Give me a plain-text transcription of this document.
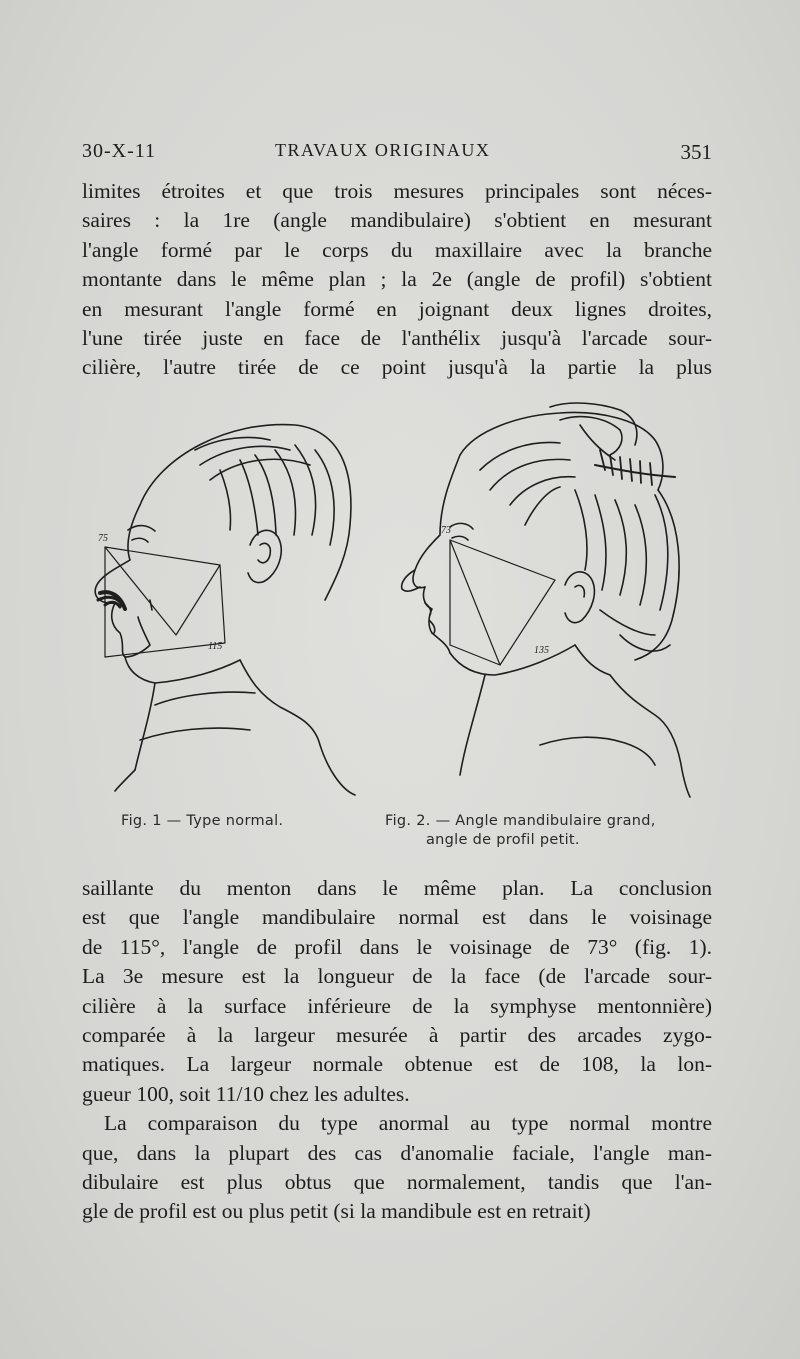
30-X-11	TRAVAUX ORIGINAUX	351

limites étroites et que trois mesures principales sont néces-

saires : la 1re (angle mandibulaire) s'obtient en mesurant

l'angle formé par le corps du maxillaire avec la branche

montante dans le même plan ; la 2e (angle de profil) s'obtient

en mesurant l'angle formé en joignant deux lignes droites,

l'une tirée juste en face de l'anthélix jusqu'à l'arcade sour-

cilière, l'autre tirée de ce point jusqu'à la partie la plus

75
115
73
135
Fig. 1 — Type normal.	Fig. 2. — Angle mandibulaire grand,
angle de profil petit.

saillante du menton dans le même plan. La conclusion

est que l'angle mandibulaire normal est dans le voisinage

de 115°, l'angle de profil dans le voisinage de 73° (fig. 1).

La 3e mesure est la longueur de la face (de l'arcade sour-

cilière à la surface inférieure de la symphyse mentonnière)

comparée à la largeur mesurée à partir des arcades zygo-

matiques. La largeur normale obtenue est de 108, la lon-

gueur 100, soit 11/10 chez les adultes.

La comparaison du type anormal au type normal montre

que, dans la plupart des cas d'anomalie faciale, l'angle man-

dibulaire est plus obtus que normalement, tandis que l'an-

gle de profil est ou plus petit (si la mandibule est en retrait)
